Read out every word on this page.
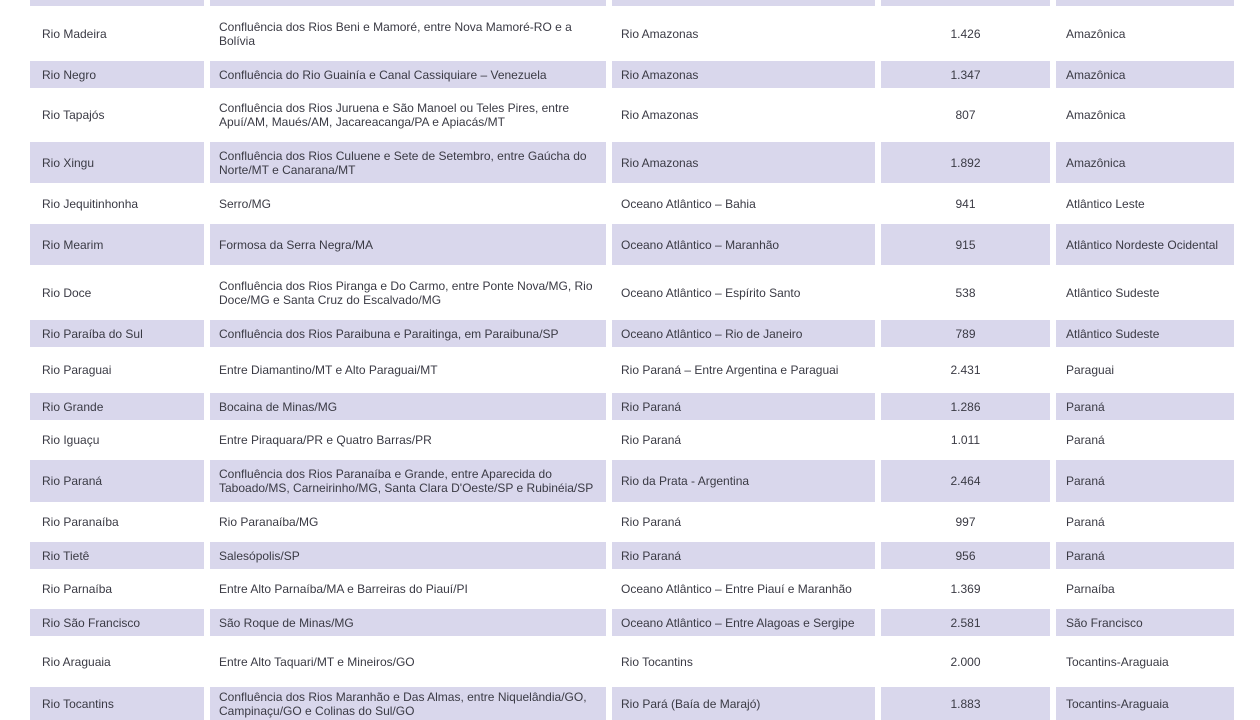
Rio Madeira	Confluência dos Rios Beni e Mamoré, entre Nova Mamoré-RO e a Bolívia	Rio Amazonas	1.426	Amazônica
Rio Negro	Confluência do Rio Guainía e Canal Cassiquiare – Venezuela	Rio Amazonas	1.347	Amazônica
Rio Tapajós	Confluência dos Rios Juruena e São Manoel ou Teles Pires, entre Apuí/AM, Maués/AM, Jacareacanga/PA e Apiacás/MT	Rio Amazonas	807	Amazônica
Rio Xingu	Confluência dos Rios Culuene e Sete de Setembro, entre Gaúcha do Norte/MT e Canarana/MT	Rio Amazonas	1.892	Amazônica
Rio Jequitinhonha	Serro/MG	Oceano Atlântico – Bahia	941	Atlântico Leste
Rio Mearim	Formosa da Serra Negra/MA	Oceano Atlântico – Maranhão	915	Atlântico Nordeste Ocidental
Rio Doce	Confluência dos Rios Piranga e Do Carmo, entre Ponte Nova/MG, Rio Doce/MG e Santa Cruz do Escalvado/MG	Oceano Atlântico – Espírito Santo	538	Atlântico Sudeste
Rio Paraíba do Sul	Confluência dos Rios Paraibuna e Paraitinga, em Paraibuna/SP	Oceano Atlântico – Rio de Janeiro	789	Atlântico Sudeste
Rio Paraguai	Entre Diamantino/MT e Alto Paraguai/MT	Rio Paraná – Entre Argentina e Paraguai	2.431	Paraguai
Rio Grande	Bocaina de Minas/MG	Rio Paraná	1.286	Paraná
Rio Iguaçu	Entre Piraquara/PR e Quatro Barras/PR	Rio Paraná	1.011	Paraná
Rio Paraná	Confluência dos Rios Paranaíba e Grande, entre Aparecida do Taboado/MS, Carneirinho/MG, Santa Clara D'Oeste/SP e Rubinéia/SP	Rio da Prata - Argentina	2.464	Paraná
Rio Paranaíba	Rio Paranaíba/MG	Rio Paraná	997	Paraná
Rio Tietê	Salesópolis/SP	Rio Paraná	956	Paraná
Rio Parnaíba	Entre Alto Parnaíba/MA e Barreiras do Piauí/PI	Oceano Atlântico – Entre Piauí e Maranhão	1.369	Parnaíba
Rio São Francisco	São Roque de Minas/MG	Oceano Atlântico – Entre Alagoas e Sergipe	2.581	São Francisco
Rio Araguaia	Entre Alto Taquari/MT e Mineiros/GO	Rio Tocantins	2.000	Tocantins-Araguaia
Rio Tocantins	Confluência dos Rios Maranhão e Das Almas, entre Niquelândia/GO, Campinaçu/GO e Colinas do Sul/GO	Rio Pará (Baía de Marajó)	1.883	Tocantins-Araguaia
